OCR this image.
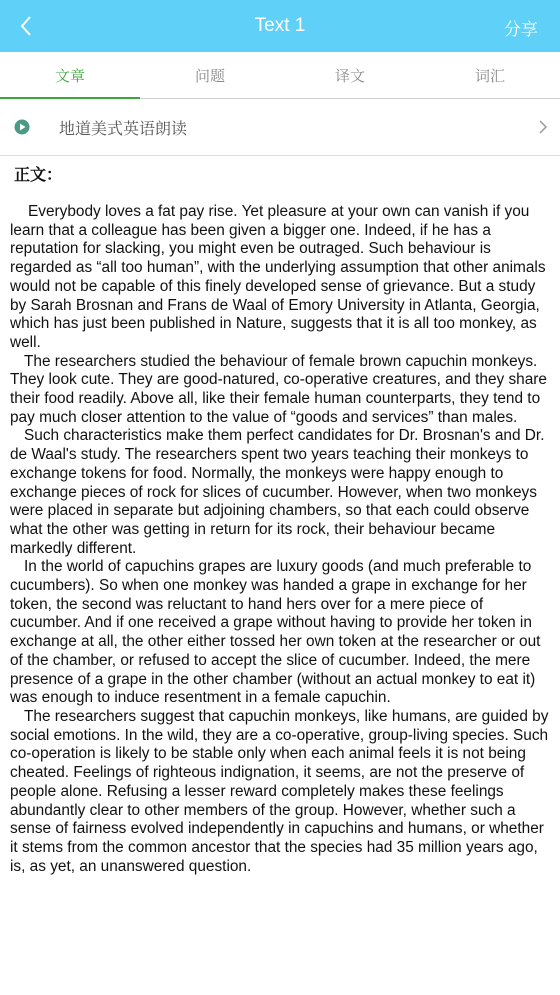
Text 1	分享
文章	问题	译文	词汇
地道美式英语朗读
正文：

Everybody loves a fat pay rise. Yet pleasure at your own can vanish if you learn that a colleague has been given a bigger one. Indeed, if he has a reputation for slacking, you might even be outraged. Such behaviour is regarded as “all too human”, with the underlying assumption that other animals would not be capable of this finely developed sense of grievance. But a study by Sarah Brosnan and Frans de Waal of Emory University in Atlanta, Georgia, which has just been published in Nature, suggests that it is all too monkey, as well.

The researchers studied the behaviour of female brown capuchin monkeys. They look cute. They are good-natured, co-operative creatures, and they share their food readily. Above all, like their female human counterparts, they tend to pay much closer attention to the value of “goods and services” than males.

Such characteristics make them perfect candidates for Dr. Brosnan's and Dr. de Waal's study. The researchers spent two years teaching their monkeys to exchange tokens for food. Normally, the monkeys were happy enough to exchange pieces of rock for slices of cucumber. However, when two monkeys were placed in separate but adjoining chambers, so that each could observe what the other was getting in return for its rock, their behaviour became markedly different.

In the world of capuchins grapes are luxury goods (and much preferable to cucumbers). So when one monkey was handed a grape in exchange for her token, the second was reluctant to hand hers over for a mere piece of cucumber. And if one received a grape without having to provide her token in exchange at all, the other either tossed her own token at the researcher or out of the chamber, or refused to accept the slice of cucumber. Indeed, the mere presence of a grape in the other chamber (without an actual monkey to eat it) was enough to induce resentment in a female capuchin.

The researchers suggest that capuchin monkeys, like humans, are guided by social emotions. In the wild, they are a co-operative, group-living species. Such co-operation is likely to be stable only when each animal feels it is not being cheated. Feelings of righteous indignation, it seems, are not the preserve of people alone. Refusing a lesser reward completely makes these feelings abundantly clear to other members of the group. However, whether such a sense of fairness evolved independently in capuchins and humans, or whether it stems from the common ancestor that the species had 35 million years ago, is, as yet, an unanswered question.
